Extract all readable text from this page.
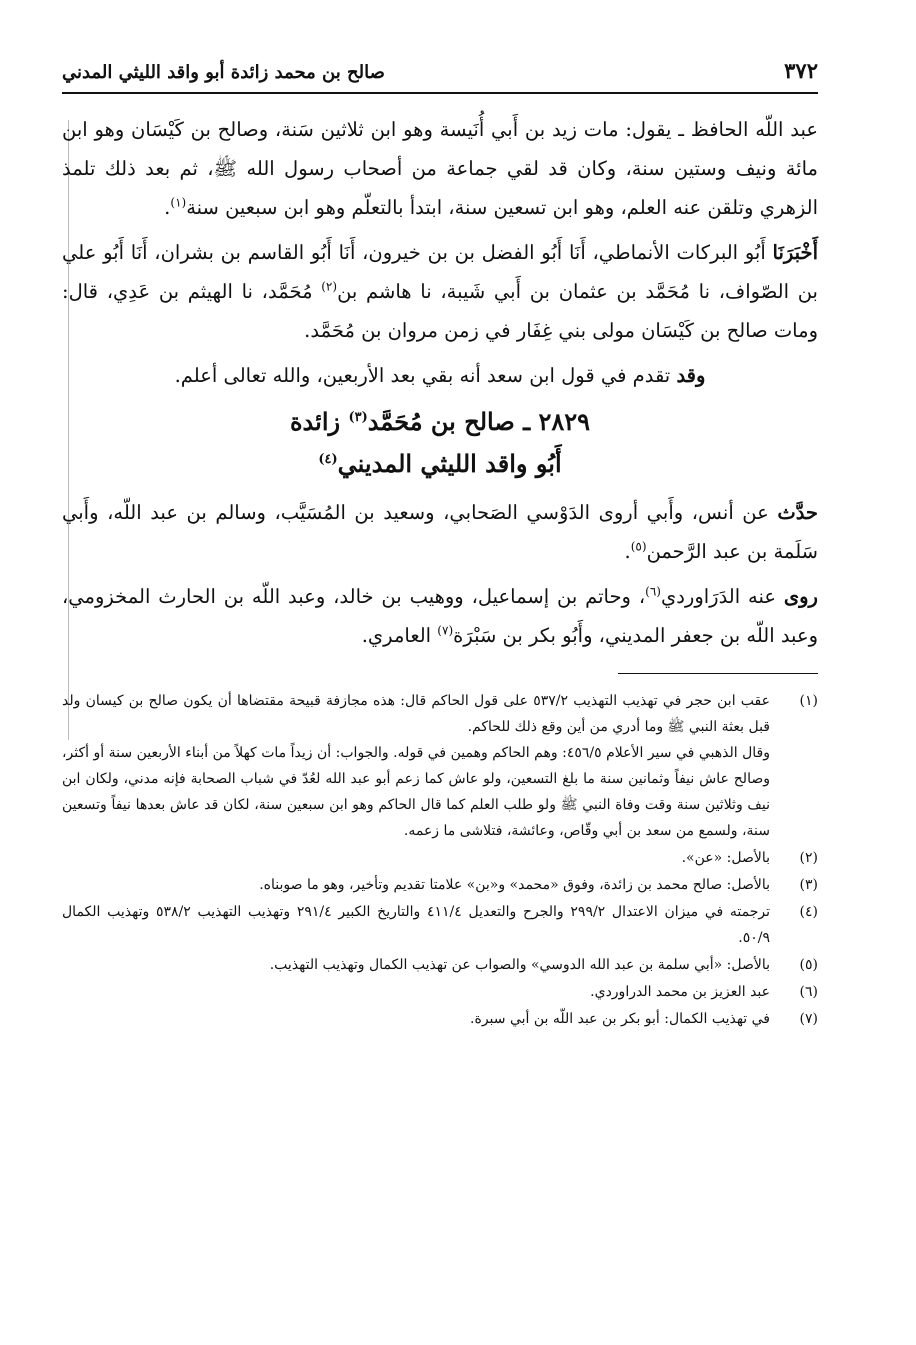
٣٧٢
صالح بن محمد زائدة أبو واقد الليثي المدني

عبد اللّه الحافظ ـ يقول: مات زيد بن أَبي أُنَيسة وهو ابن ثلاثين سَنة، وصالح بن كَيْسَان وهو ابن مائة ونيف وستين سنة، وكان قد لقي جماعة من أصحاب رسول الله ﷺ، ثم بعد ذلك تلمذ الزهري وتلقن عنه العلم، وهو ابن تسعين سنة، ابتدأ بالتعلّم وهو ابن سبعين سنة$^{(١)}$.

أَخْبَرَنَا أَبُو البركات الأنماطي، أَنَا أَبُو الفضل بن بن خيرون، أَنَا أَبُو القاسم بن بشران، أَنَا أَبُو علي بن الصّواف، نا مُحَمَّد بن عثمان بن أَبي شَيبة، نا هاشم بن$^{(٢)}$ مُحَمَّد، نا الهيثم بن عَدِي، قال: ومات صالح بن كَيْسَان مولى بني غِفَار في زمن مروان بن مُحَمَّد.

وقد تقدم في قول ابن سعد أنه بقي بعد الأربعين، والله تعالى أعلم.

٢٨٢٩ ـ صالح بن مُحَمَّد$^{(٣)}$ زائدة
أَبُو واقد الليثي المديني$^{(٤)}$

حدَّث عن أنس، وأَبي أروى الدَوْسي الصَحابي، وسعيد بن المُسَيَّب، وسالم بن عبد اللّه، وأَبي سَلَمة بن عبد الرَّحمن$^{(٥)}$.

روى عنه الدَرَاوردي$^{(٦)}$، وحاتم بن إسماعيل، ووهيب بن خالد، وعبد اللّه بن الحارث المخزومي، وعبد اللّه بن جعفر المديني، وأَبُو بكر بن سَبْرَة$^{(٧)}$ العامري.

(١)
عقب ابن حجر في تهذيب التهذيب ٥٣٧/٢ على قول الحاكم قال: هذه مجازفة قبيحة مقتضاها أن يكون صالح بن كيسان ولد قبل بعثة النبي ﷺ وما أدري من أين وقع ذلك للحاكم.
وقال الذهبي في سير الأعلام ٤٥٦/٥: وهم الحاكم وهمين في قوله. والجواب: أن زيداً مات كهلاً من أبناء الأربعين سنة أو أكثر، وصالح عاش نيفاً وثمانين سنة ما بلغ التسعين، ولو عاش كما زعم أبو عبد الله لعُدّ في شباب الصحابة فإنه مدني، ولكان ابن نيف وثلاثين سنة وقت وفاة النبي ﷺ ولو طلب العلم كما قال الحاكم وهو ابن سبعين سنة، لكان قد عاش بعدها نيفاً وتسعين سنة، ولسمع من سعد بن أبي وقّاص، وعائشة، فتلاشى ما زعمه.
(٢)
بالأصل: «عن».
(٣)
بالأصل: صالح محمد بن زائدة، وفوق «محمد» و«بن» علامتا تقديم وتأخير، وهو ما صوبناه.
(٤)
ترجمته في ميزان الاعتدال ٢٩٩/٢ والجرح والتعديل ٤١١/٤ والتاريخ الكبير ٢٩١/٤ وتهذيب التهذيب ٥٣٨/٢ وتهذيب الكمال ٥٠/٩.
(٥)
بالأصل: «أبي سلمة بن عبد الله الدوسي» والصواب عن تهذيب الكمال وتهذيب التهذيب.
(٦)
عبد العزيز بن محمد الدراوردي.
(٧)
في تهذيب الكمال: أبو بكر بن عبد اللّه بن أبي سبرة.
